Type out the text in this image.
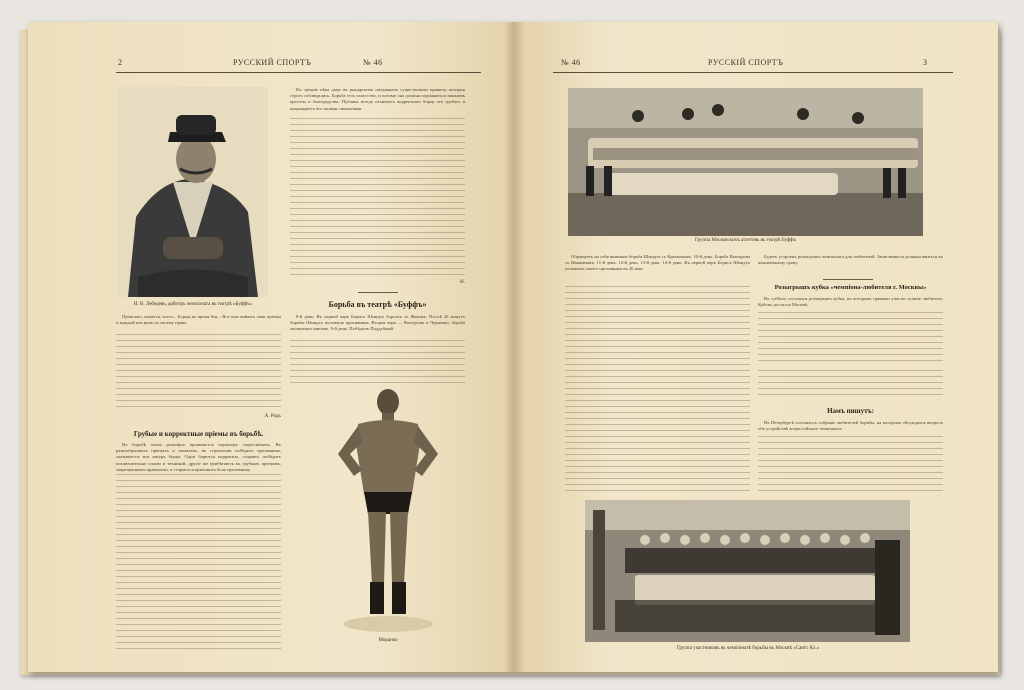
2	РУССКИЙ СПОРТЪ	№ 46
И. В. Лебедевъ, арбитръ чемпіоната въ театрѣ «Буффъ»

Прошлаго, кажется, всего... Борцы во время боя... Все они имѣютъ свои пріемы и каждый изъ нихъ по своему правъ.

А. Родъ
Грубые и корректные пріемы въ борьбѣ.

Въ борьбѣ очень рельефно проявляется характеръ спортсменовъ. Въ разнообразныхъ пріемахъ и захватахъ, въ стремленіи побѣдить противника, сказывается вся натура борца. Одни борются корректно, стараясь побѣдить исключительно силою и техникой, другіе же прибѣгаютъ къ грубымъ пріемамъ, запрещеннымъ правилами, и стараются причинить боль противнику.

Въ средніе вѣка даже въ рыцарскихъ поединкахъ существовали правила, которыя строго соблюдались. Борьба есть искусство, и потому она должна подчиняться законамъ красоты и благородства. Публика всегда отличаетъ корректнаго борца отъ грубаго и награждаетъ его своими симпатіями.

Н.
Борьба въ театрѣ «Буффъ»

8-й день. Въ первой паръ Борисъ Шмидтъ боролся съ Жакомъ. Послѣ 20 минутъ борьбы Шмидтъ положилъ противника. Вторая пара — Вахтуровъ и Черненко, борьба окончилась вничью. 9-й день. Побѣдилъ Поддубный.

Моранко
№ 46	РУССКІЙ СПОРТЪ	3
Группа Московскихъ атлетовъ въ театрѣ Буффъ

Обращаетъ на себя вниманіе борьба Шмидта съ Крыловымъ. 10-й день. Борьба Вахтурова съ Ивановымъ, 11-й день. 12-й день. 13-й день. 14-й день. Въ первой паръ Борисъ Шмидтъ положилъ своего противника въ 20 мин.

Будетъ устроенъ розыгрышъ чемпіоната для любителей. Записавшіеся должны явиться къ назначенному сроку.

Розыгрышъ кубка «чемпіона-любителя г. Москвы»

Въ субботу состоялся розыгрышъ кубка, въ которомъ приняли участіе лучшіе любители. Кубокъ достался Москвѣ.

Намъ пишутъ:

Въ Петербургѣ состоялось собраніе любителей борьбы, на которомъ обсуждался вопросъ объ устройствѣ всероссійскаго чемпіоната.

Группа участниковъ въ чемпіонатѣ борьбы въ Москвѣ «Саніт. Кл.»
